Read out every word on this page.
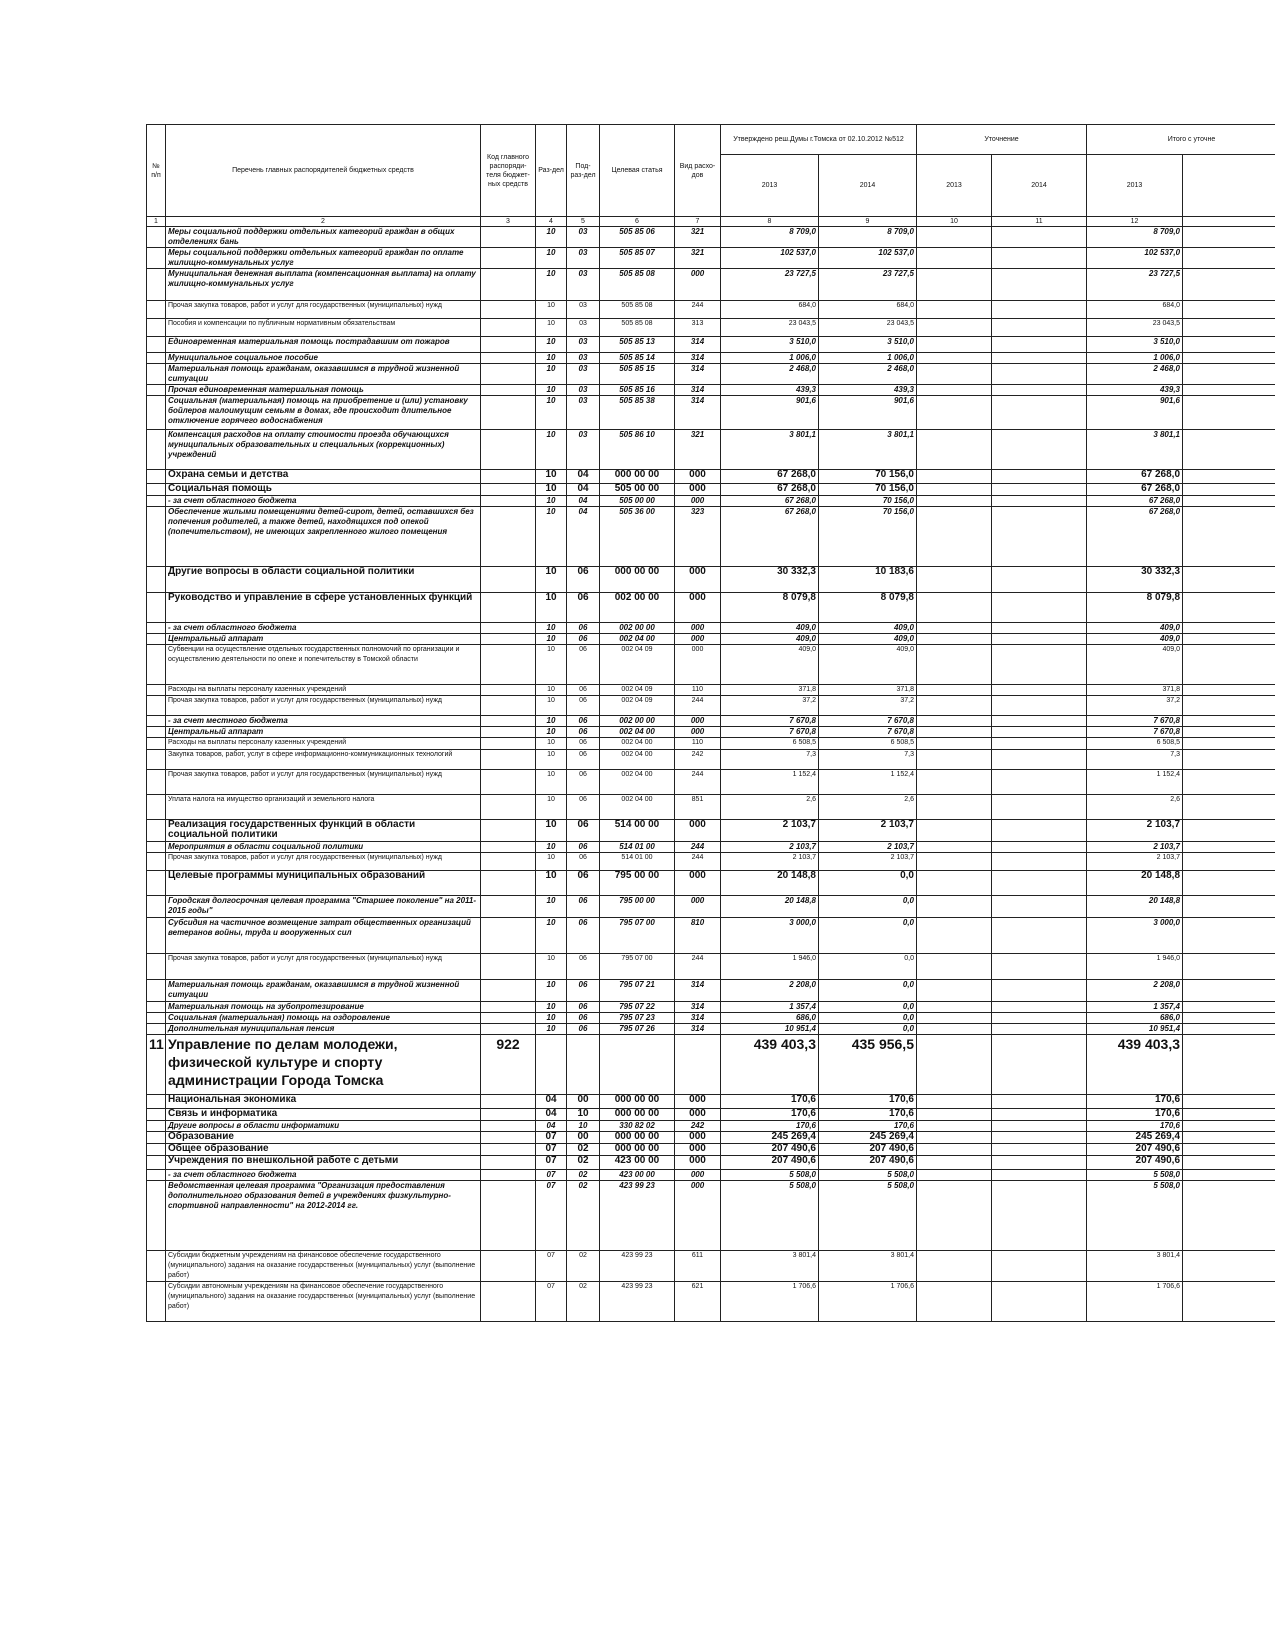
№ п/п	Перечень главных распорядителей бюджетных средств	Код главного распоряди-теля бюджет-ных средств	Раз-дел	Под-раз-дел	Целевая статья	Вид расхо-дов	Утверждено реш.Думы г.Томска от 02.10.2012 №512		Уточнение		Итого с уточне	
							2013	2014	2013	2014	2013	
1	2	3	4	5	6	7	8	9	10	11	12	
	Меры социальной поддержки отдельных категорий граждан в общих отделениях бань		10	03	505 85 06	321	8 709,0	8 709,0			8 709,0	
	Меры социальной поддержки отдельных категорий граждан по оплате жилищно-коммунальных услуг		10	03	505 85 07	321	102 537,0	102 537,0			102 537,0	
	Муниципальная денежная выплата (компенсационная выплата) на оплату жилищно-коммунальных услуг		10	03	505 85 08	000	23 727,5	23 727,5			23 727,5	
	Прочая закупка товаров, работ и услуг для государственных (муниципальных) нужд		10	03	505 85 08	244	684,0	684,0			684,0	
	Пособия и компенсации по публичным нормативным обязательствам		10	03	505 85 08	313	23 043,5	23 043,5			23 043,5	
	Единовременная материальная помощь пострадавшим от пожаров		10	03	505 85 13	314	3 510,0	3 510,0			3 510,0	
	Муниципальное социальное пособие		10	03	505 85 14	314	1 006,0	1 006,0			1 006,0	
	Материальная помощь гражданам, оказавшимся в трудной жизненной ситуации		10	03	505 85 15	314	2 468,0	2 468,0			2 468,0	
	Прочая единовременная материальная помощь		10	03	505 85 16	314	439,3	439,3			439,3	
	Социальная (материальная) помощь на приобретение и (или) установку бойлеров малоимущим семьям в домах, где происходит длительное отключение горячего водоснабжения		10	03	505 85 38	314	901,6	901,6			901,6	
	Компенсация расходов на оплату стоимости проезда обучающихся муниципальных образовательных и специальных (коррекционных) учреждений		10	03	505 86 10	321	3 801,1	3 801,1			3 801,1	
	Охрана семьи и детства		10	04	000 00 00	000	67 268,0	70 156,0			67 268,0	
	Социальная помощь		10	04	505 00 00	000	67 268,0	70 156,0			67 268,0	
	- за счет областного бюджета		10	04	505 00 00	000	67 268,0	70 156,0			67 268,0	
	Обеспечение жилыми помещениями детей-сирот, детей, оставшихся без попечения родителей, а также детей, находящихся под опекой (попечительством), не имеющих закрепленного жилого помещения		10	04	505 36 00	323	67 268,0	70 156,0			67 268,0	
	Другие вопросы в области социальной политики		10	06	000 00 00	000	30 332,3	10 183,6			30 332,3	
	Руководство и управление в сфере установленных функций		10	06	002 00 00	000	8 079,8	8 079,8			8 079,8	
	- за счет областного бюджета		10	06	002 00 00	000	409,0	409,0			409,0	
	Центральный аппарат		10	06	002 04 00	000	409,0	409,0			409,0	
	Субвенции на осуществление отдельных государственных полномочий по организации и осуществлению деятельности по опеке и попечительству в Томской области		10	06	002 04 09	000	409,0	409,0			409,0	
	Расходы на выплаты персоналу казенных учреждений		10	06	002 04 09	110	371,8	371,8			371,8	
	Прочая закупка товаров, работ и услуг для государственных (муниципальных) нужд		10	06	002 04 09	244	37,2	37,2			37,2	
	- за счет местного бюджета		10	06	002 00 00	000	7 670,8	7 670,8			7 670,8	
	Центральный аппарат		10	06	002 04 00	000	7 670,8	7 670,8			7 670,8	
	Расходы на выплаты персоналу казенных учреждений		10	06	002 04 00	110	6 508,5	6 508,5			6 508,5	
	Закупка товаров, работ, услуг в сфере информационно-коммуникационных технологий		10	06	002 04 00	242	7,3	7,3			7,3	
	Прочая закупка товаров, работ и услуг для государственных (муниципальных) нужд		10	06	002 04 00	244	1 152,4	1 152,4			1 152,4	
	Уплата налога на имущество организаций и земельного налога		10	06	002 04 00	851	2,6	2,6			2,6	
	Реализация государственных функций в области социальной политики		10	06	514 00 00	000	2 103,7	2 103,7			2 103,7	
	Мероприятия в области социальной политики		10	06	514 01 00	244	2 103,7	2 103,7			2 103,7	
	Прочая закупка товаров, работ и услуг для государственных (муниципальных) нужд		10	06	514 01 00	244	2 103,7	2 103,7			2 103,7	
	Целевые программы муниципальных образований		10	06	795 00 00	000	20 148,8	0,0			20 148,8	
	Городская долгосрочная целевая программа "Старшее поколение" на 2011-2015 годы"		10	06	795 00 00	000	20 148,8	0,0			20 148,8	
	Субсидия на частичное возмещение затрат общественных организаций ветеранов войны, труда и вооруженных сил		10	06	795 07 00	810	3 000,0	0,0			3 000,0	
	Прочая закупка товаров, работ и услуг для государственных (муниципальных) нужд		10	06	795 07 00	244	1 946,0	0,0			1 946,0	
	Материальная помощь гражданам, оказавшимся в трудной жизненной ситуации		10	06	795 07 21	314	2 208,0	0,0			2 208,0	
	Материальная помощь на зубопротезирование		10	06	795 07 22	314	1 357,4	0,0			1 357,4	
	Социальная (материальная) помощь на оздоровление		10	06	795 07 23	314	686,0	0,0			686,0	
	Дополнительная муниципальная пенсия		10	06	795 07 26	314	10 951,4	0,0			10 951,4	
11	Управление по делам молодежи, физической культуре и спорту администрации Города Томска	922					439 403,3	435 956,5			439 403,3	
	Национальная экономика		04	00	000 00 00	000	170,6	170,6			170,6	
	Связь и информатика		04	10	000 00 00	000	170,6	170,6			170,6	
	Другие вопросы в области информатики		04	10	330 82 02	242	170,6	170,6			170,6	
	Образование		07	00	000 00 00	000	245 269,4	245 269,4			245 269,4	
	Общее образование		07	02	000 00 00	000	207 490,6	207 490,6			207 490,6	
	Учреждения по внешкольной работе с детьми		07	02	423 00 00	000	207 490,6	207 490,6			207 490,6	
	- за счет областного бюджета		07	02	423 00 00	000	5 508,0	5 508,0			5 508,0	
	Ведомственная целевая программа "Организация предоставления дополнительного образования детей в учреждениях физкультурно-спортивной направленности" на 2012-2014 гг.		07	02	423 99 23	000	5 508,0	5 508,0			5 508,0	
	Субсидии бюджетным учреждениям на финансовое обеспечение государственного (муниципального) задания на оказание государственных (муниципальных) услуг (выполнение работ)		07	02	423 99 23	611	3 801,4	3 801,4			3 801,4	
	Субсидии автономным учреждениям на финансовое обеспечение государственного (муниципального) задания на оказание государственных (муниципальных) услуг (выполнение работ)		07	02	423 99 23	621	1 706,6	1 706,6			1 706,6	
